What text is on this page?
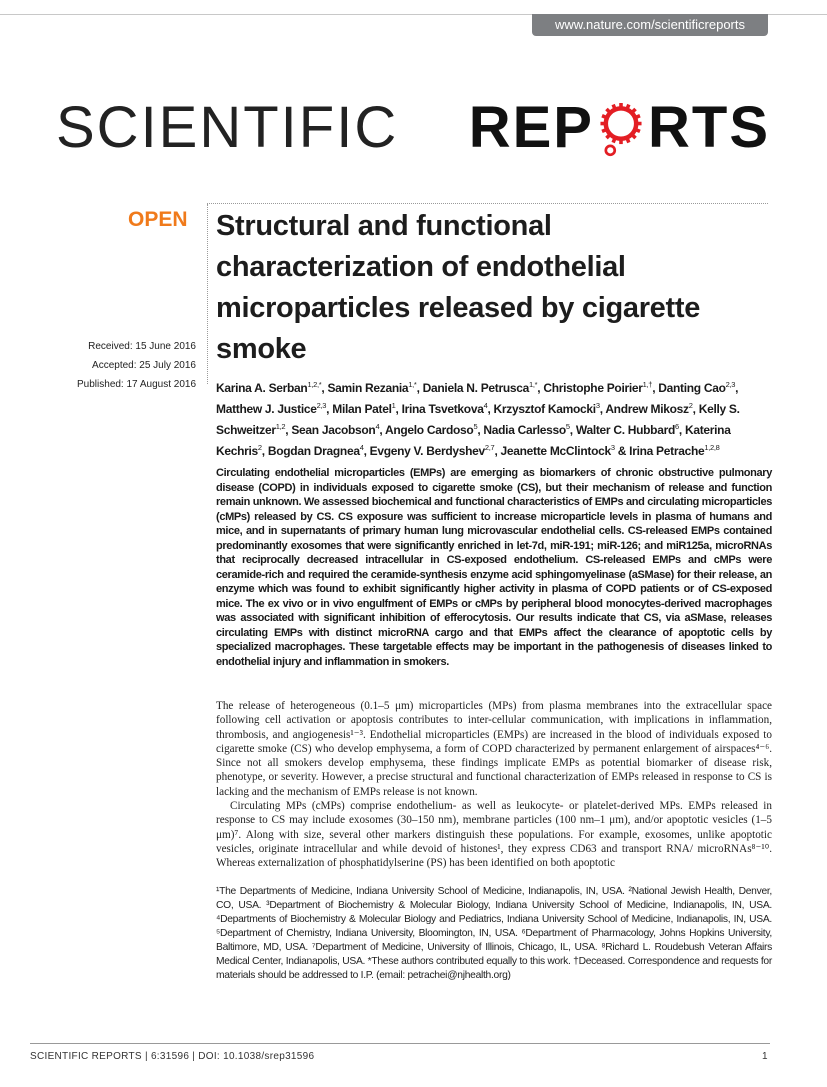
www.nature.com/scientificreports
SCIENTIFIC REP RTS
OPEN
Received: 15 June 2016
Accepted: 25 July 2016
Published: 17 August 2016
Structural and functional
characterization of endothelial
microparticles released by cigarette
smoke
Karina A. Serban$^{1,2,*}$, Samin Rezania$^{1,*}$, Daniela N. Petrusca$^{1,*}$, Christophe Poirier$^{1,\dagger}$, Danting Cao$^{2,3}$, Matthew J. Justice$^{2,3}$, Milan Patel$^1$, Irina Tsvetkova$^4$, Krzysztof Kamocki$^3$, Andrew Mikosz$^2$, Kelly S. Schweitzer$^{1,2}$, Sean Jacobson$^4$, Angelo Cardoso$^5$, Nadia Carlesso$^5$, Walter C. Hubbard$^6$, Katerina Kechris$^2$, Bogdan Dragnea$^4$, Evgeny V. Berdyshev$^{2,7}$, Jeanette McClintock$^3$ & Irina Petrache$^{1,2,8}$
Circulating endothelial microparticles (EMPs) are emerging as biomarkers of chronic obstructive pulmonary disease (COPD) in individuals exposed to cigarette smoke (CS), but their mechanism of release and function remain unknown. We assessed biochemical and functional characteristics of EMPs and circulating microparticles (cMPs) released by CS. CS exposure was sufficient to increase microparticle levels in plasma of humans and mice, and in supernatants of primary human lung microvascular endothelial cells. CS-released EMPs contained predominantly exosomes that were significantly enriched in let-7d, miR-191; miR-126; and miR125a, microRNAs that reciprocally decreased intracellular in CS-exposed endothelium. CS-released EMPs and cMPs were ceramide-rich and required the ceramide-synthesis enzyme acid sphingomyelinase (aSMase) for their release, an enzyme which was found to exhibit significantly higher activity in plasma of COPD patients or of CS-exposed mice. The ex vivo or in vivo engulfment of EMPs or cMPs by peripheral blood monocytes-derived macrophages was associated with significant inhibition of efferocytosis. Our results indicate that CS, via aSMase, releases circulating EMPs with distinct microRNA cargo and that EMPs affect the clearance of apoptotic cells by specialized macrophages. These targetable effects may be important in the pathogenesis of diseases linked to endothelial injury and inflammation in smokers.

The release of heterogeneous (0.1–5 μm) microparticles (MPs) from plasma membranes into the extracellular space following cell activation or apoptosis contributes to inter-cellular communication, with implications in inflammation, thrombosis, and angiogenesis¹⁻³. Endothelial microparticles (EMPs) are increased in the blood of individuals exposed to cigarette smoke (CS) who develop emphysema, a form of COPD characterized by permanent enlargement of airspaces⁴⁻⁶. Since not all smokers develop emphysema, these findings implicate EMPs as potential biomarker of disease risk, phenotype, or severity. However, a precise structural and functional characterization of EMPs released in response to CS is lacking and the mechanism of EMPs release is not known.

Circulating MPs (cMPs) comprise endothelium- as well as leukocyte- or platelet-derived MPs. EMPs released in response to CS may include exosomes (30–150 nm), membrane particles (100 nm–1 μm), and/or apoptotic vesicles (1–5 μm)⁷. Along with size, several other markers distinguish these populations. For example, exosomes, unlike apoptotic vesicles, originate intracellular and while devoid of histones¹, they express CD63 and transport RNA/ microRNAs⁸⁻¹⁰. Whereas externalization of phosphatidylserine (PS) has been identified on both apoptotic

¹The Departments of Medicine, Indiana University School of Medicine, Indianapolis, IN, USA. ²National Jewish Health, Denver, CO, USA. ³Department of Biochemistry & Molecular Biology, Indiana University School of Medicine, Indianapolis, IN, USA. ⁴Departments of Biochemistry & Molecular Biology and Pediatrics, Indiana University School of Medicine, Indianapolis, IN, USA. ⁵Department of Chemistry, Indiana University, Bloomington, IN, USA. ⁶Department of Pharmacology, Johns Hopkins University, Baltimore, MD, USA. ⁷Department of Medicine, University of Illinois, Chicago, IL, USA. ⁸Richard L. Roudebush Veteran Affairs Medical Center, Indianapolis, USA. *These authors contributed equally to this work. †Deceased. Correspondence and requests for materials should be addressed to I.P. (email: petrachei@njhealth.org)
SCIENTIFIC REPORTS | 6:31596 | DOI: 10.1038/srep31596	1
